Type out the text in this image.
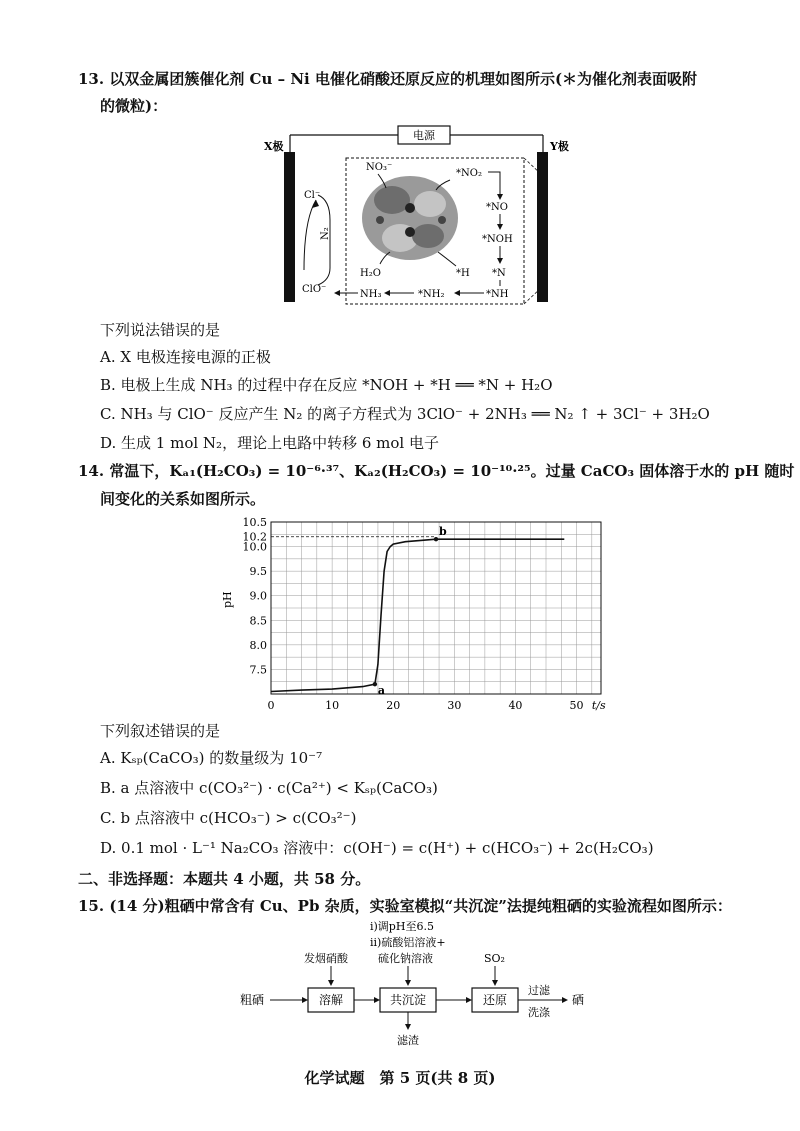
13. 以双金属团簇催化剂 Cu – Ni 电催化硝酸还原反应的机理如图所示(＊为催化剂表面吸附
的微粒)：
电源
X极	Y极
Cl⁻
N₂
ClO⁻
NO₃⁻
*NO₂
*NO
*NOH
*N
H₂O	*H
*NH
*NH₂
NH₃
下列说法错误的是
A. X 电极连接电源的正极
B. 电极上生成 NH₃ 的过程中存在反应 *NOH + *H ══ *N + H₂O
C. NH₃ 与 ClO⁻ 反应产生 N₂ 的离子方程式为 3ClO⁻ + 2NH₃ ══ N₂ ↑ + 3Cl⁻ + 3H₂O
D. 生成 1 mol N₂，理论上电路中转移 6 mol 电子
14. 常温下，Kₐ₁(H₂CO₃) = 10⁻⁶·³⁷、Kₐ₂(H₂CO₃) = 10⁻¹⁰·²⁵。过量 CaCO₃ 固体溶于水的 pH 随时
间变化的关系如图所示。
7.5
8.0
8.5
9.0
9.5
10.0
10.2
10.5
0	10	20	30	40	50
a
b
pH
t/s
下列叙述错误的是
A. Kₛₚ(CaCO₃) 的数量级为 10⁻⁷
B. a 点溶液中 c(CO₃²⁻) · c(Ca²⁺) < Kₛₚ(CaCO₃)
C. b 点溶液中 c(HCO₃⁻) > c(CO₃²⁻)
D. 0.1 mol · L⁻¹ Na₂CO₃ 溶液中：c(OH⁻) = c(H⁺) + c(HCO₃⁻) + 2c(H₂CO₃)
二、非选择题：本题共 4 小题，共 58 分。
15. (14 分)粗硒中常含有 Cu、Pb 杂质，实验室模拟“共沉淀”法提纯粗硒的实验流程如图所示：
ⅰ)调pH至6.5
ⅱ)硫酸铝溶液+
硫化钠溶液
发烟硝酸	SO₂
粗硒	溶解	共沉淀	还原
过滤
洗涤
硒
滤渣
化学试题　第 5 页(共 8 页)
